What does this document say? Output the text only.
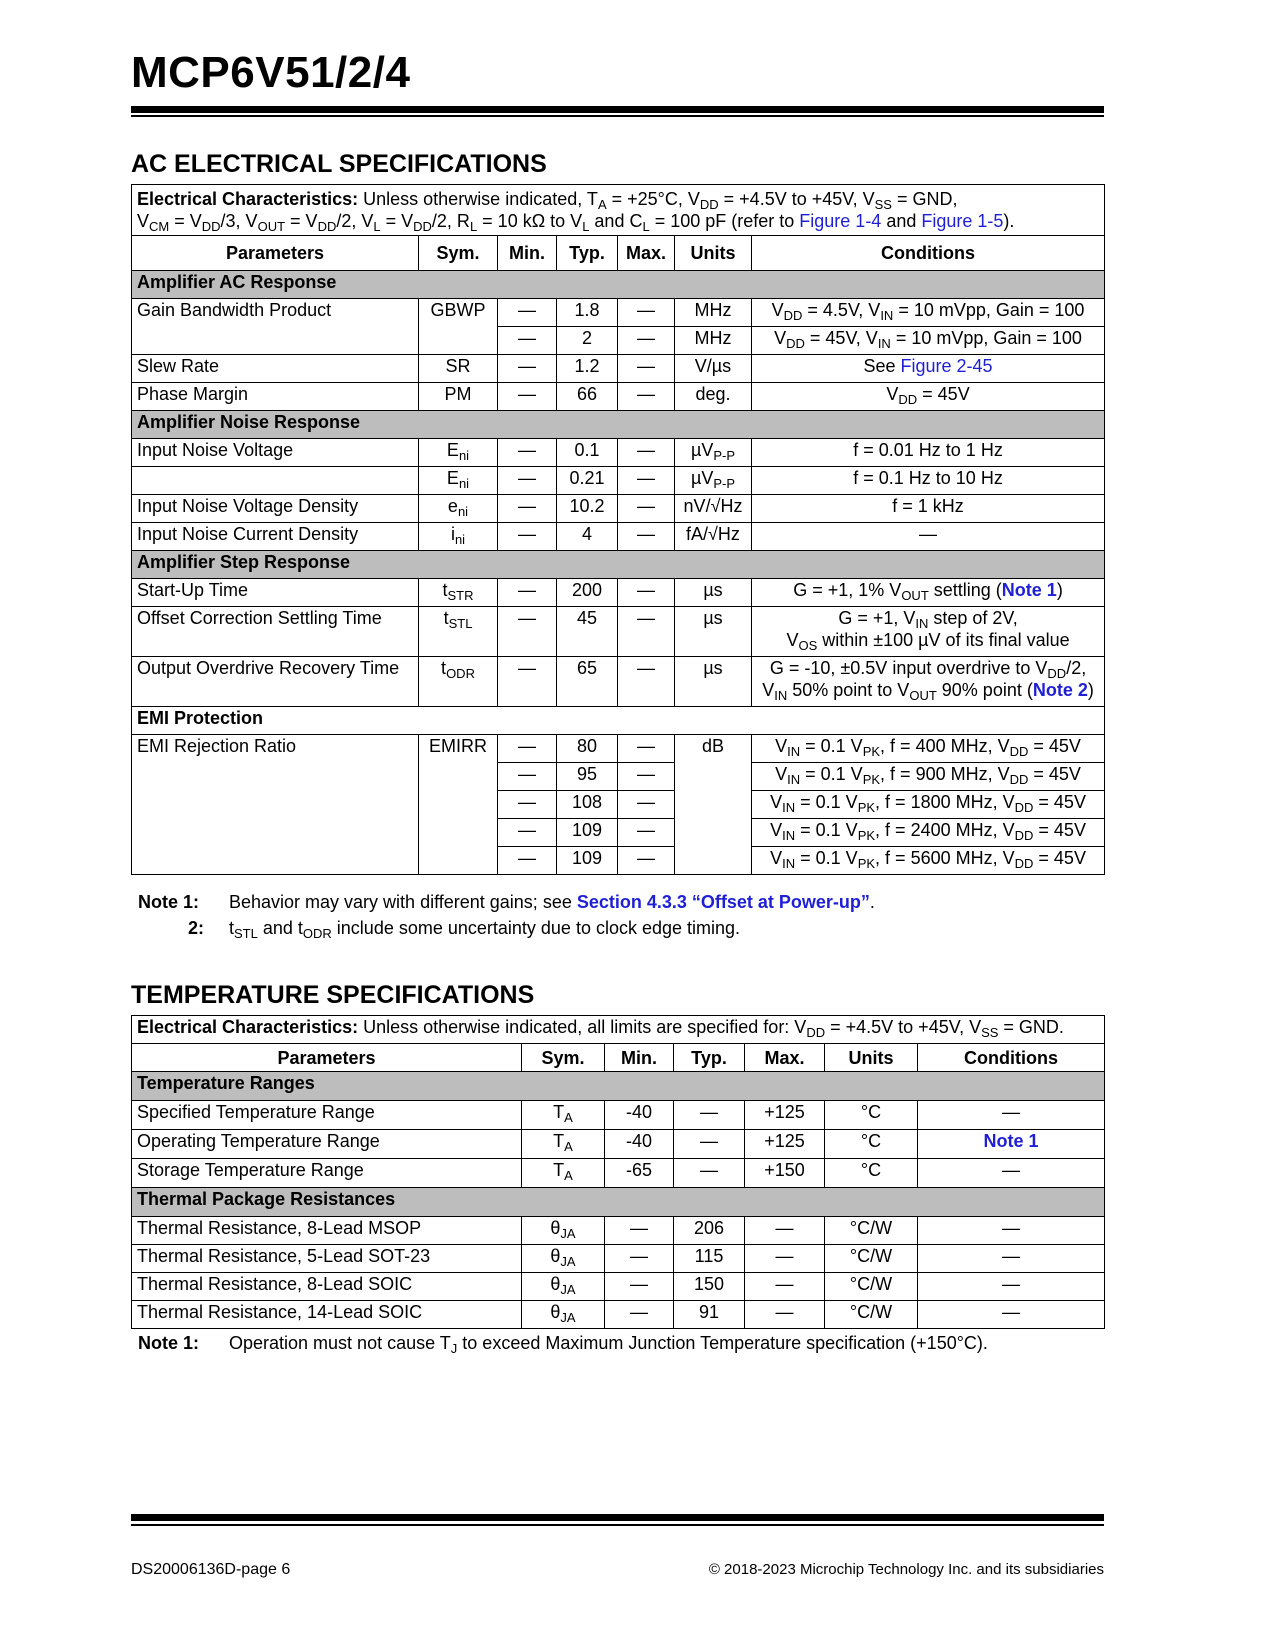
MCP6V51/2/4
AC ELECTRICAL SPECIFICATIONS
Electrical Characteristics: Unless otherwise indicated, $T_A = +25^\circ C$, $V_{DD} = +4.5V$ to +45V, $V_{SS}$ = GND,
$V_{CM} = V_{DD}/3$, $V_{OUT} = V_{DD}/2$, $V_L = V_{DD}/2$, $R_L = 10$ kΩ to $V_L$ and $C_L = 100$ pF (refer to Figure 1-4 and Figure 1-5).						
Parameters	Sym.	Min.	Typ.	Max.	Units	Conditions
Amplifier AC Response						
Gain Bandwidth Product	GBWP	—	1.8	—	MHz	$V_{DD} = 4.5V$, $V_{IN} = 10$ mVpp, Gain = 100
		—	2	—	MHz	$V_{DD} = 45V$, $V_{IN} = 10$ mVpp, Gain = 100
Slew Rate	SR	—	1.2	—	V/µs	See Figure 2-45
Phase Margin	PM	—	66	—	deg.	$V_{DD} = 45V$
Amplifier Noise Response						
Input Noise Voltage	$E_{ni}$	—	0.1	—	µV$_{P-P}$	f = 0.01 Hz to 1 Hz
	$E_{ni}$	—	0.21	—	µV$_{P-P}$	f = 0.1 Hz to 10 Hz
Input Noise Voltage Density	$e_{ni}$	—	10.2	—	nV/√Hz	f = 1 kHz
Input Noise Current Density	$i_{ni}$	—	4	—	fA/√Hz	—
Amplifier Step Response						
Start-Up Time	$t_{STR}$	—	200	—	µs	G = +1, 1% $V_{OUT}$ settling (Note 1)
Offset Correction Settling Time	$t_{STL}$	—	45	—	µs	G = +1, $V_{IN}$ step of 2V,
$V_{OS}$ within ±100 µV of its final value
Output Overdrive Recovery Time	$t_{ODR}$	—	65	—	µs	G = -10, ±0.5V input overdrive to $V_{DD}/2$,
$V_{IN}$ 50% point to $V_{OUT}$ 90% point (Note 2)
EMI Protection						
EMI Rejection Ratio	EMIRR	—	80	—	dB	$V_{IN} = 0.1$ $V_{PK}$, f = 400 MHz, $V_{DD} = 45V$
		—	95	—		$V_{IN} = 0.1$ $V_{PK}$, f = 900 MHz, $V_{DD} = 45V$
		—	108	—		$V_{IN} = 0.1$ $V_{PK}$, f = 1800 MHz, $V_{DD} = 45V$
		—	109	—		$V_{IN} = 0.1$ $V_{PK}$, f = 2400 MHz, $V_{DD} = 45V$
		—	109	—		$V_{IN} = 0.1$ $V_{PK}$, f = 5600 MHz, $V_{DD} = 45V$
Note 1: Behavior may vary with different gains; see Section 4.3.3 “Offset at Power-up”.
2: $t_{STL}$ and $t_{ODR}$ include some uncertainty due to clock edge timing.
TEMPERATURE SPECIFICATIONS
Electrical Characteristics: Unless otherwise indicated, all limits are specified for: $V_{DD} = +4.5V$ to +45V, $V_{SS}$ = GND.						
Parameters	Sym.	Min.	Typ.	Max.	Units	Conditions
Temperature Ranges						
Specified Temperature Range	$T_A$	-40	—	+125	°C	—
Operating Temperature Range	$T_A$	-40	—	+125	°C	Note 1
Storage Temperature Range	$T_A$	-65	—	+150	°C	—
Thermal Package Resistances						
Thermal Resistance, 8-Lead MSOP	$\theta_{JA}$	—	206	—	°C/W	—
Thermal Resistance, 5-Lead SOT-23	$\theta_{JA}$	—	115	—	°C/W	—
Thermal Resistance, 8-Lead SOIC	$\theta_{JA}$	—	150	—	°C/W	—
Thermal Resistance, 14-Lead SOIC	$\theta_{JA}$	—	91	—	°C/W	—
Note 1: Operation must not cause $T_J$ to exceed Maximum Junction Temperature specification (+150°C).
DS20006136D-page 6	© 2018-2023 Microchip Technology Inc. and its subsidiaries
